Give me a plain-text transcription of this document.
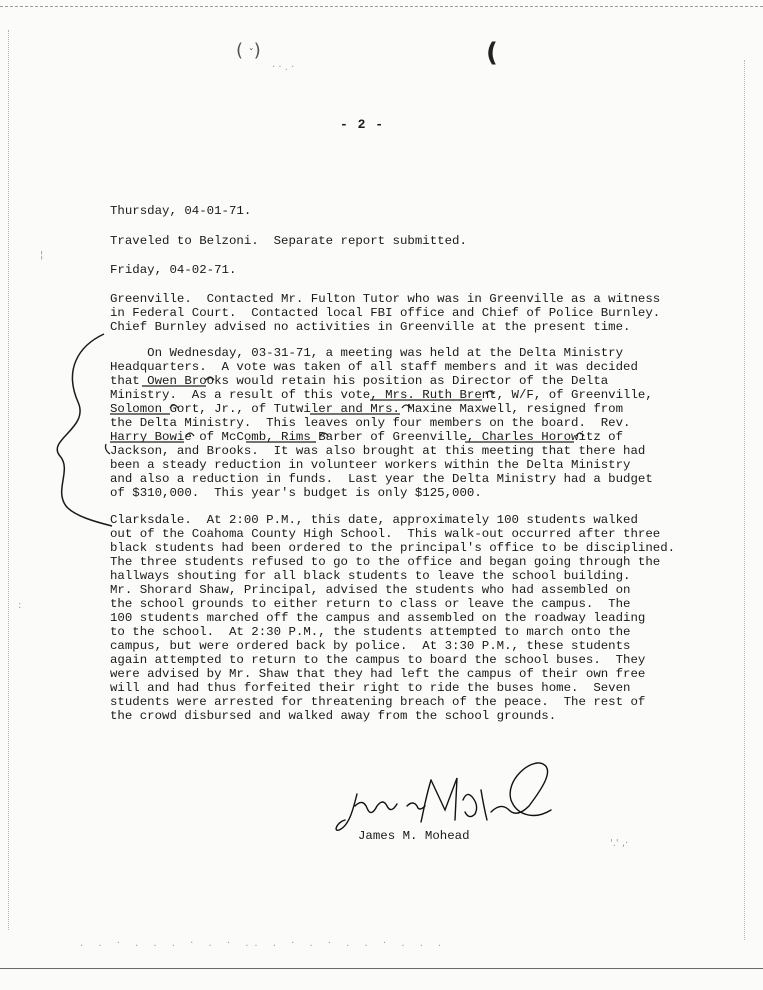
( ˇ)	(
· · . ·
¦
:
'.' ,·
. . · . . . · . · .. . · . · . . · . . .
- 2 -
Thursday, 04-01-71.
Traveled to Belzoni.  Separate report submitted.
Friday, 04-02-71.
Greenville.  Contacted Mr. Fulton Tutor who was in Greenville as a witness
in Federal Court.  Contacted local FBI office and Chief of Police Burnley.
Chief Burnley advised no activities in Greenville at the present time.
On Wednesday, 03-31-71, a meeting was held at the Delta Ministry
Headquarters.  A vote was taken of all staff members and it was decided
that Owen Brooks would retain his position as Director of the Delta
Ministry.  As a result of this vote, Mrs. Ruth Brent, W/F, of Greenville,
Solomon Gort, Jr., of Tutwiler and Mrs. Maxine Maxwell, resigned from
the Delta Ministry.  This leaves only four members on the board.  Rev.
Harry Bowie of McComb, Rims Barber of Greenville, Charles Horowitz of
Jackson, and Brooks.  It was also brought at this meeting that there had
been a steady reduction in volunteer workers within the Delta Ministry
and also a reduction in funds.  Last year the Delta Ministry had a budget
of $310,000.  This year's budget is only $125,000.
Clarksdale.  At 2:00 P.M., this date, approximately 100 students walked
out of the Coahoma County High School.  This walk-out occurred after three
black students had been ordered to the principal's office to be disciplined.
The three students refused to go to the office and began going through the
hallways shouting for all black students to leave the school building.
Mr. Shorard Shaw, Principal, advised the students who had assembled on
the school grounds to either return to class or leave the campus.  The
100 students marched off the campus and assembled on the roadway leading
to the school.  At 2:30 P.M., the students attempted to march onto the
campus, but were ordered back by police.  At 3:30 P.M., these students
again attempted to return to the campus to board the school buses.  They
were advised by Mr. Shaw that they had left the campus of their own free
will and had thus forfeited their right to ride the buses home.  Seven
students were arrested for threatening breach of the peace.  The rest of
the crowd disbursed and walked away from the school grounds.
James M. Mohead
